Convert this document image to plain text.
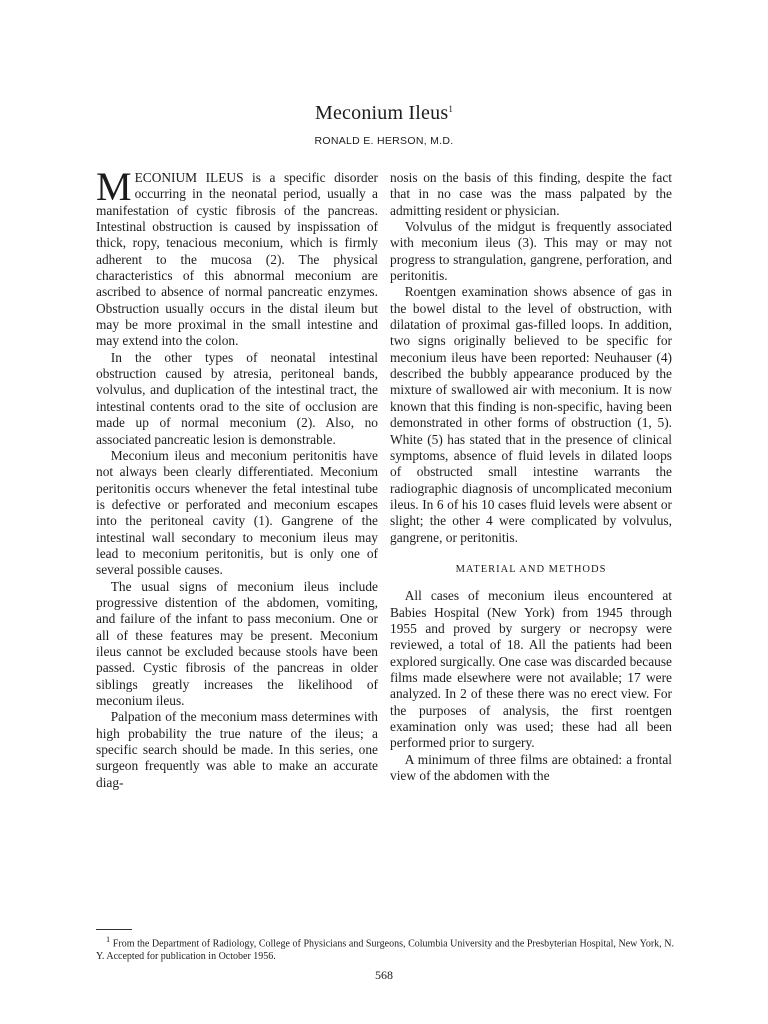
Meconium Ileus$^1$
RONALD E. HERSON, M.D.

MECONIUM ILEUS is a specific disorder occurring in the neonatal period, usually a manifestation of cystic fibrosis of the pancreas. Intestinal obstruction is caused by inspissation of thick, ropy, tenacious meconium, which is firmly adherent to the mucosa (2). The physical characteristics of this abnormal meconium are ascribed to absence of normal pancreatic enzymes. Obstruction usually occurs in the distal ileum but may be more proximal in the small intestine and may extend into the colon.

In the other types of neonatal intestinal obstruction caused by atresia, peritoneal bands, volvulus, and duplication of the intestinal tract, the intestinal contents orad to the site of occlusion are made up of normal meconium (2). Also, no associated pancreatic lesion is demonstrable.

Meconium ileus and meconium peritonitis have not always been clearly differentiated. Meconium peritonitis occurs whenever the fetal intestinal tube is defective or perforated and meconium escapes into the peritoneal cavity (1). Gangrene of the intestinal wall secondary to meconium ileus may lead to meconium peritonitis, but is only one of several possible causes.

The usual signs of meconium ileus include progressive distention of the abdomen, vomiting, and failure of the infant to pass meconium. One or all of these features may be present. Meconium ileus cannot be excluded because stools have been passed. Cystic fibrosis of the pancreas in older siblings greatly increases the likelihood of meconium ileus.

Palpation of the meconium mass determines with high probability the true nature of the ileus; a specific search should be made. In this series, one surgeon frequently was able to make an accurate diag-

nosis on the basis of this finding, despite the fact that in no case was the mass palpated by the admitting resident or physician.

Volvulus of the midgut is frequently associated with meconium ileus (3). This may or may not progress to strangulation, gangrene, perforation, and peritonitis.

Roentgen examination shows absence of gas in the bowel distal to the level of obstruction, with dilatation of proximal gas-filled loops. In addition, two signs originally believed to be specific for meconium ileus have been reported: Neuhauser (4) described the bubbly appearance produced by the mixture of swallowed air with meconium. It is now known that this finding is non-specific, having been demonstrated in other forms of obstruction (1, 5). White (5) has stated that in the presence of clinical symptoms, absence of fluid levels in dilated loops of obstructed small intestine warrants the radiographic diagnosis of uncomplicated meconium ileus. In 6 of his 10 cases fluid levels were absent or slight; the other 4 were complicated by volvulus, gangrene, or peritonitis.

MATERIAL AND METHODS

All cases of meconium ileus encountered at Babies Hospital (New York) from 1945 through 1955 and proved by surgery or necropsy were reviewed, a total of 18. All the patients had been explored surgically. One case was discarded because films made elsewhere were not available; 17 were analyzed. In 2 of these there was no erect view. For the purposes of analysis, the first roentgen examination only was used; these had all been performed prior to surgery.

A minimum of three films are obtained: a frontal view of the abdomen with the

$^1$ From the Department of Radiology, College of Physicians and Surgeons, Columbia University and the Presbyterian Hospital, New York, N. Y. Accepted for publication in October 1956.
568
